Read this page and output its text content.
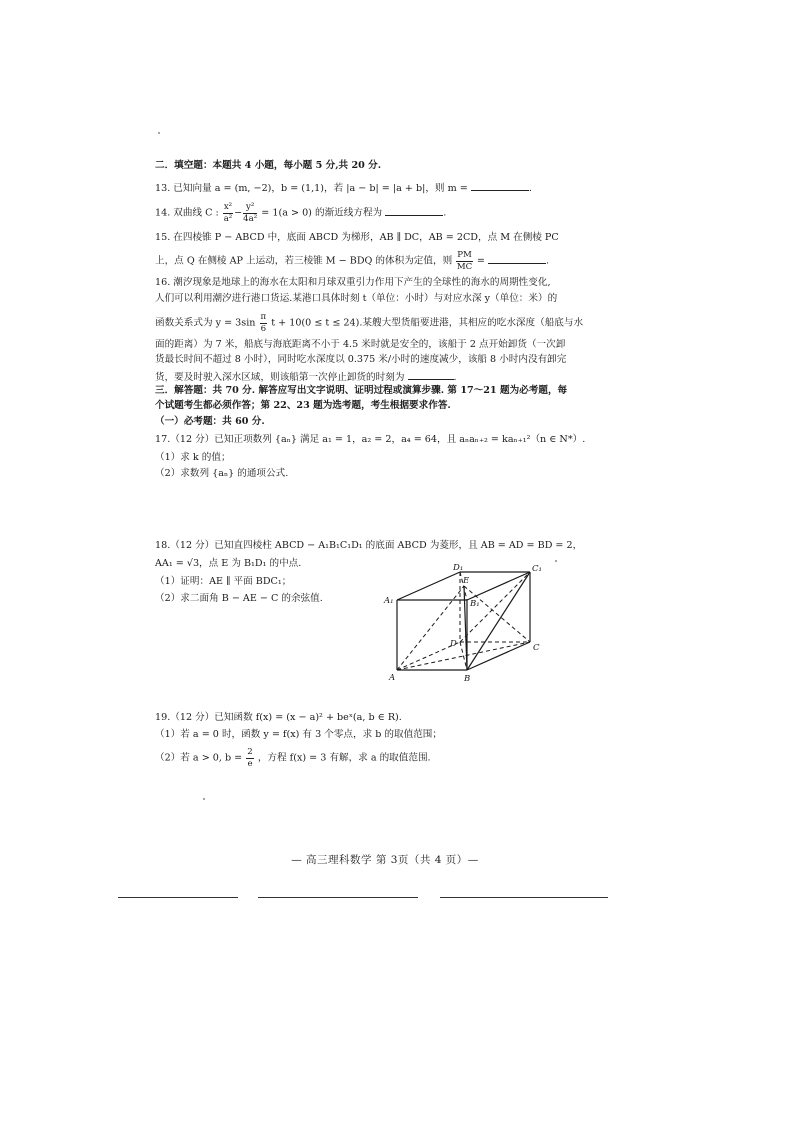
二．填空题：本题共 4 小题，每小题 5 分,共 20 分.
13. 已知向量 a = (m, −2)，b = (1,1)，若 |a − b| = |a + b|，则 m =	.
14. 双曲线 C : $\frac{\text{x²}}{\text{a²}} - \frac{\text{y²}}{\text{4a²}} = 1(a > 0)$ 的渐近线方程为	.
15. 在四棱锥 P − ABCD 中，底面 ABCD 为梯形，AB ∥ DC，AB = 2CD，点 M 在侧棱 PC
上，点 Q 在侧棱 AP 上运动，若三棱锥 M − BDQ 的体积为定值，则 $\frac{PM}{MC}$ =	.
16. 潮汐现象是地球上的海水在太阳和月球双重引力作用下产生的全球性的海水的周期性变化,
人们可以利用潮汐进行港口货运.某港口具体时刻 t（单位：小时）与对应水深 y（单位：米）的
函数关系式为 $y = 3\sin \frac{\pi}{6}$ t + 10(0 ≤ t ≤ 24).某艘大型货船要进港，其相应的吃水深度（船底与水
面的距离）为 7 米，船底与海底距离不小于 4.5 米时就是安全的，该船于 2 点开始卸货（一次卸
货最长时间不超过 8 小时），同时吃水深度以 0.375 米/小时的速度减少，该船 8 小时内没有卸完
货，要及时驶入深水区域，则该船第一次停止卸货的时刻为	.
三．解答题：共 70 分. 解答应写出文字说明、证明过程或演算步骤. 第 17～21 题为必考题，每
个试题考生都必须作答；第 22、23 题为选考题，考生根据要求作答.
（一）必考题：共 60 分.
17.（12 分）已知正项数列 {aₙ} 满足 a₁ = 1，a₂ = 2，a₄ = 64，且 aₙaₙ₊₂ = kaₙ₊₁²（n ∈ N*）.
（1）求 k 的值；
（2）求数列 {aₙ} 的通项公式.
18.（12 分）已知直四棱柱 ABCD − A₁B₁C₁D₁ 的底面 ABCD 为菱形，且 AB = AD = BD = 2，
AA₁ = √3，点 E 为 B₁D₁ 的中点.
（1）证明：AE ∥ 平面 BDC₁；
（2）求二面角 B − AE − C 的余弦值.
D₁
E
C₁
A₁	B₁
D	C
A	B
19.（12 分）已知函数 f(x) = (x − a)² + beˣ(a, b ∈ R).
（1）若 a = 0 时，函数 y = f(x) 有 3 个零点，求 b 的取值范围；
（2）若 a > 0, $b = \frac{2}{e}$ ，方程 f(x) = 3 有解，求 a 的取值范围.
— 高三理科数学 第 3页（共 4 页）—
